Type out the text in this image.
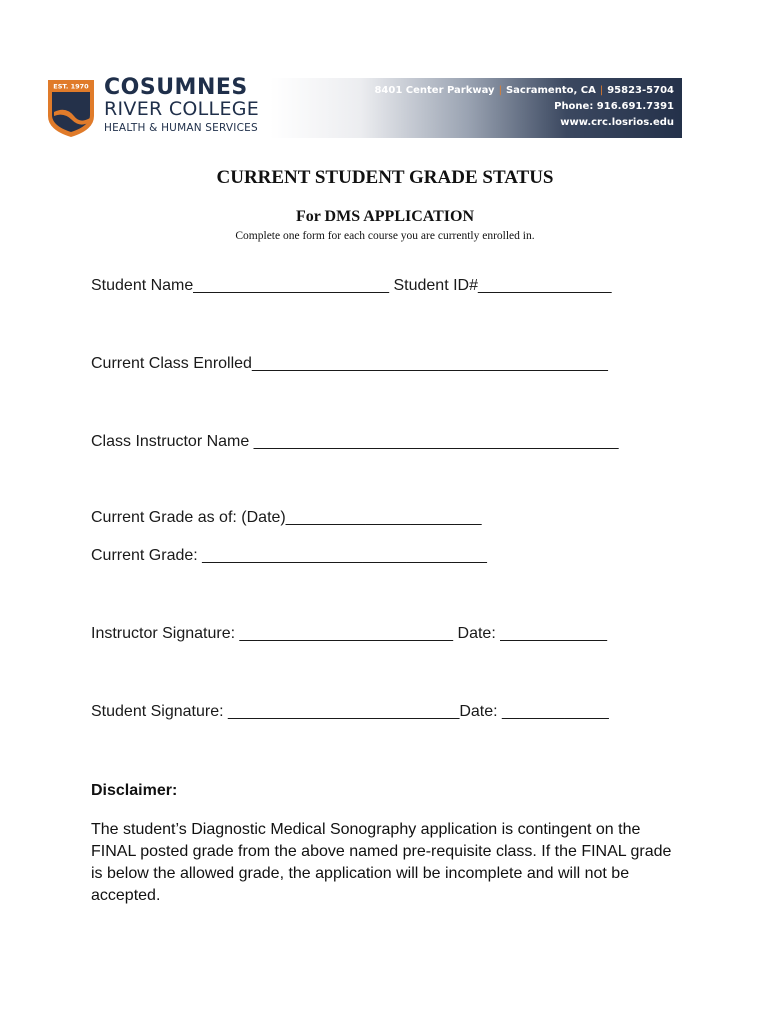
EST. 1970 COSUMNES
RIVER COLLEGE
HEALTH & HUMAN SERVICES
8401 Center Parkway | Sacramento, CA | 95823-5704
Phone: 916.691.7391
www.crc.losrios.edu
CURRENT STUDENT GRADE STATUS
For DMS APPLICATION
Complete one form for each course you are currently enrolled in.
Student Name______________________ Student ID#_______________
Current Class Enrolled________________________________________
Class Instructor Name _________________________________________
Current Grade as of: (Date)______________________
Current Grade: ________________________________
Instructor Signature: ________________________ Date: ____________
Student Signature: __________________________Date: ____________
Disclaimer:
The student’s Diagnostic Medical Sonography application is contingent on the FINAL posted grade from the above named pre-requisite class. If the FINAL grade is below the allowed grade, the application will be incomplete and will not be accepted.
